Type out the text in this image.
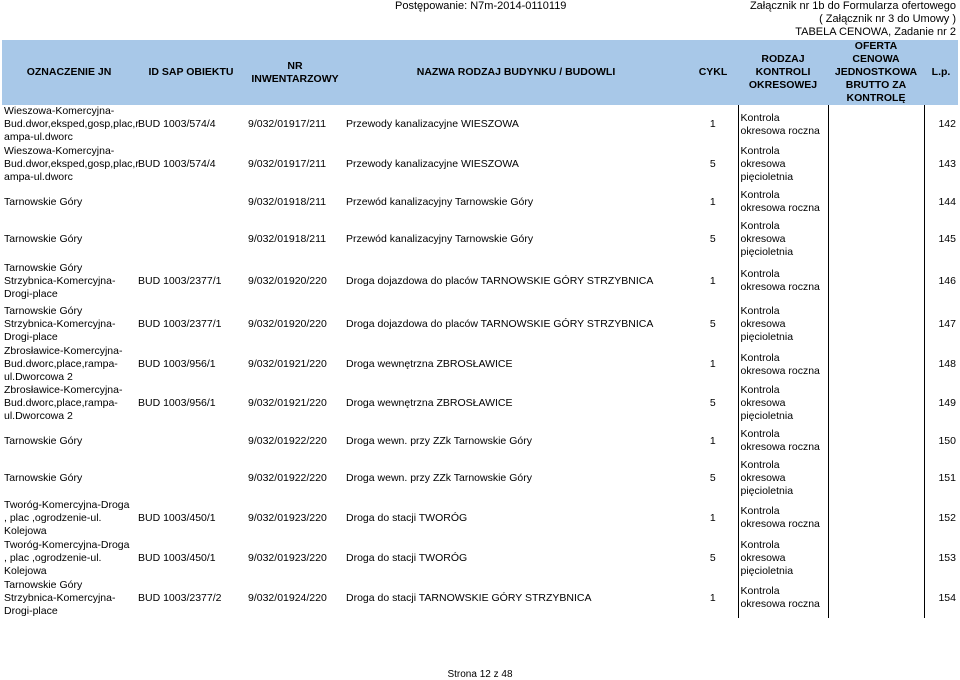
Postępowanie: N7m-2014-0110119	Załącznik nr 1b do Formularza ofertowego
( Załącznik nr 3 do Umowy )
TABELA CENOWA, Zadanie nr 2
OZNACZENIE JN	ID SAP OBIEKTU	NR INWENTARZOWY	NAZWA RODZAJ BUDYNKU / BUDOWLI	CYKL	RODZAJ KONTROLI OKRESOWEJ	OFERTA CENOWA JEDNOSTKOWA BRUTTO ZA KONTROLĘ	L.p.
Wieszowa-Komercyjna-Bud.dwor,eksped,gosp,plac,r ampa-ul.dworc	BUD 1003/574/4	9/032/01917/211	Przewody kanalizacyjne WIESZOWA	1	Kontrola okresowa roczna		142
Wieszowa-Komercyjna-Bud.dwor,eksped,gosp,plac,r ampa-ul.dworc	BUD 1003/574/4	9/032/01917/211	Przewody kanalizacyjne WIESZOWA	5	Kontrola okresowa pięcioletnia		143
Tarnowskie Góry		9/032/01918/211	Przewód kanalizacyjny Tarnowskie Góry	1	Kontrola okresowa roczna		144
Tarnowskie Góry		9/032/01918/211	Przewód kanalizacyjny Tarnowskie Góry	5	Kontrola okresowa pięcioletnia		145
Tarnowskie Góry Strzybnica-Komercyjna-Drogi-place	BUD 1003/2377/1	9/032/01920/220	Droga dojazdowa do placów TARNOWSKIE GÓRY STRZYBNICA	1	Kontrola okresowa roczna		146
Tarnowskie Góry Strzybnica-Komercyjna-Drogi-place	BUD 1003/2377/1	9/032/01920/220	Droga dojazdowa do placów TARNOWSKIE GÓRY STRZYBNICA	5	Kontrola okresowa pięcioletnia		147
Zbrosławice-Komercyjna-Bud.dworc,place,rampa-ul.Dworcowa 2	BUD 1003/956/1	9/032/01921/220	Droga wewnętrzna ZBROSŁAWICE	1	Kontrola okresowa roczna		148
Zbrosławice-Komercyjna-Bud.dworc,place,rampa-ul.Dworcowa 2	BUD 1003/956/1	9/032/01921/220	Droga wewnętrzna ZBROSŁAWICE	5	Kontrola okresowa pięcioletnia		149
Tarnowskie Góry		9/032/01922/220	Droga wewn. przy ZZk Tarnowskie Góry	1	Kontrola okresowa roczna		150
Tarnowskie Góry		9/032/01922/220	Droga wewn. przy ZZk Tarnowskie Góry	5	Kontrola okresowa pięcioletnia		151
Tworóg-Komercyjna-Droga , plac ,ogrodzenie-ul. Kolejowa	BUD 1003/450/1	9/032/01923/220	Droga do stacji TWORÓG	1	Kontrola okresowa roczna		152
Tworóg-Komercyjna-Droga , plac ,ogrodzenie-ul. Kolejowa	BUD 1003/450/1	9/032/01923/220	Droga do stacji TWORÓG	5	Kontrola okresowa pięcioletnia		153
Tarnowskie Góry Strzybnica-Komercyjna-Drogi-place	BUD 1003/2377/2	9/032/01924/220	Droga do stacji TARNOWSKIE GÓRY STRZYBNICA	1	Kontrola okresowa roczna		154
Strona 12 z 48
